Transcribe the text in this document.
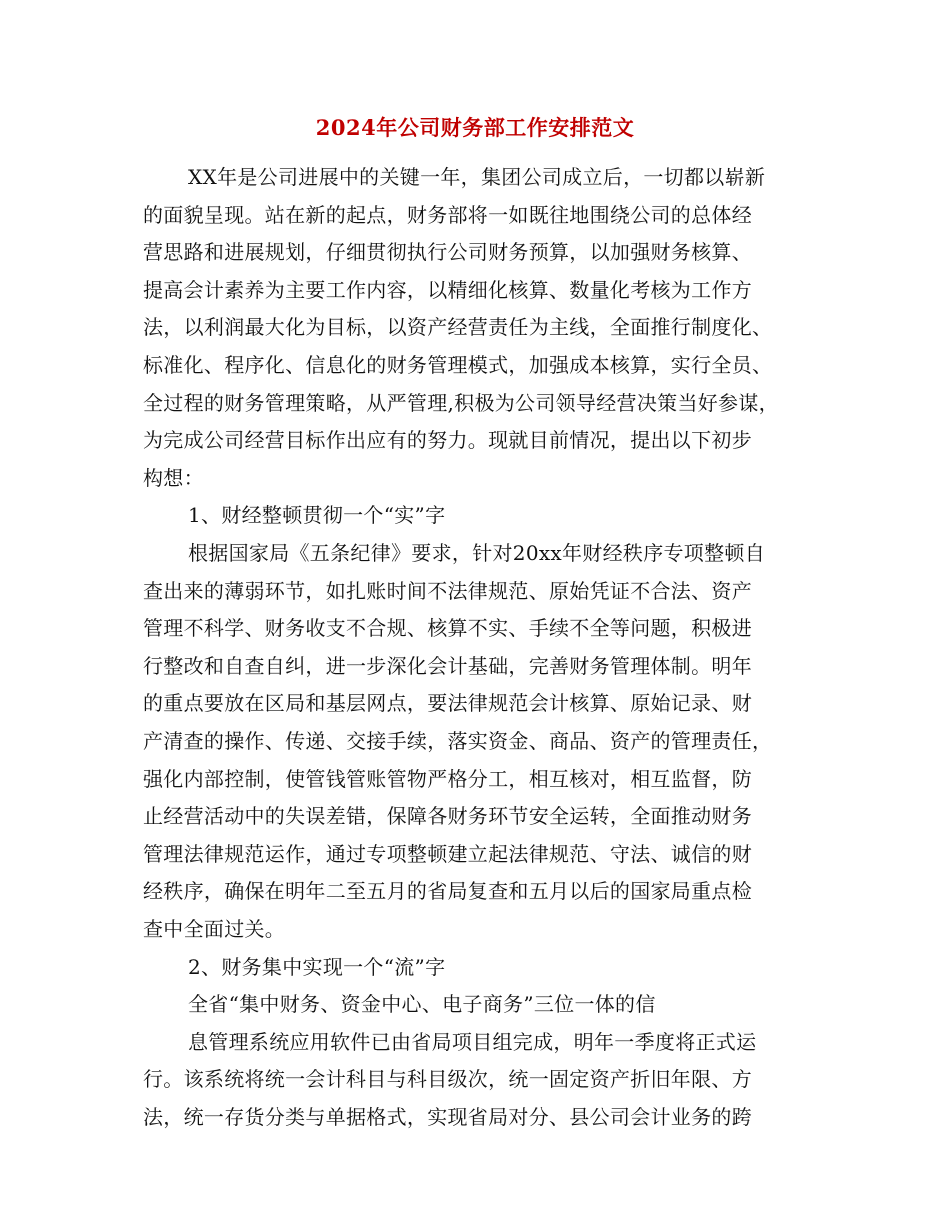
2024年公司财务部工作安排范文
XX年是公司进展中的关键一年，集团公司成立后，一切都以崭新
的面貌呈现。站在新的起点，财务部将一如既往地围绕公司的总体经
营思路和进展规划，仔细贯彻执行公司财务预算，以加强财务核算、
提高会计素养为主要工作内容，以精细化核算、数量化考核为工作方
法，以利润最大化为目标，以资产经营责任为主线，全面推行制度化、
标准化、程序化、信息化的财务管理模式，加强成本核算，实行全员、
全过程的财务管理策略，从严管理,积极为公司领导经营决策当好参谋，
为完成公司经营目标作出应有的努力。现就目前情况，提出以下初步
构想：
1、财经整顿贯彻一个“实”字
根据国家局《五条纪律》要求，针对20xx年财经秩序专项整顿自
查出来的薄弱环节，如扎账时间不法律规范、原始凭证不合法、资产
管理不科学、财务收支不合规、核算不实、手续不全等问题，积极进
行整改和自查自纠，进一步深化会计基础，完善财务管理体制。明年
的重点要放在区局和基层网点，要法律规范会计核算、原始记录、财
产清查的操作、传递、交接手续，落实资金、商品、资产的管理责任，
强化内部控制，使管钱管账管物严格分工，相互核对，相互监督，防
止经营活动中的失误差错，保障各财务环节安全运转，全面推动财务
管理法律规范运作，通过专项整顿建立起法律规范、守法、诚信的财
经秩序，确保在明年二至五月的省局复查和五月以后的国家局重点检
查中全面过关。
2、财务集中实现一个“流”字
全省“集中财务、资金中心、电子商务”三位一体的信
息管理系统应用软件已由省局项目组完成，明年一季度将正式运
行。该系统将统一会计科目与科目级次，统一固定资产折旧年限、方
法，统一存货分类与单据格式，实现省局对分、县公司会计业务的跨
